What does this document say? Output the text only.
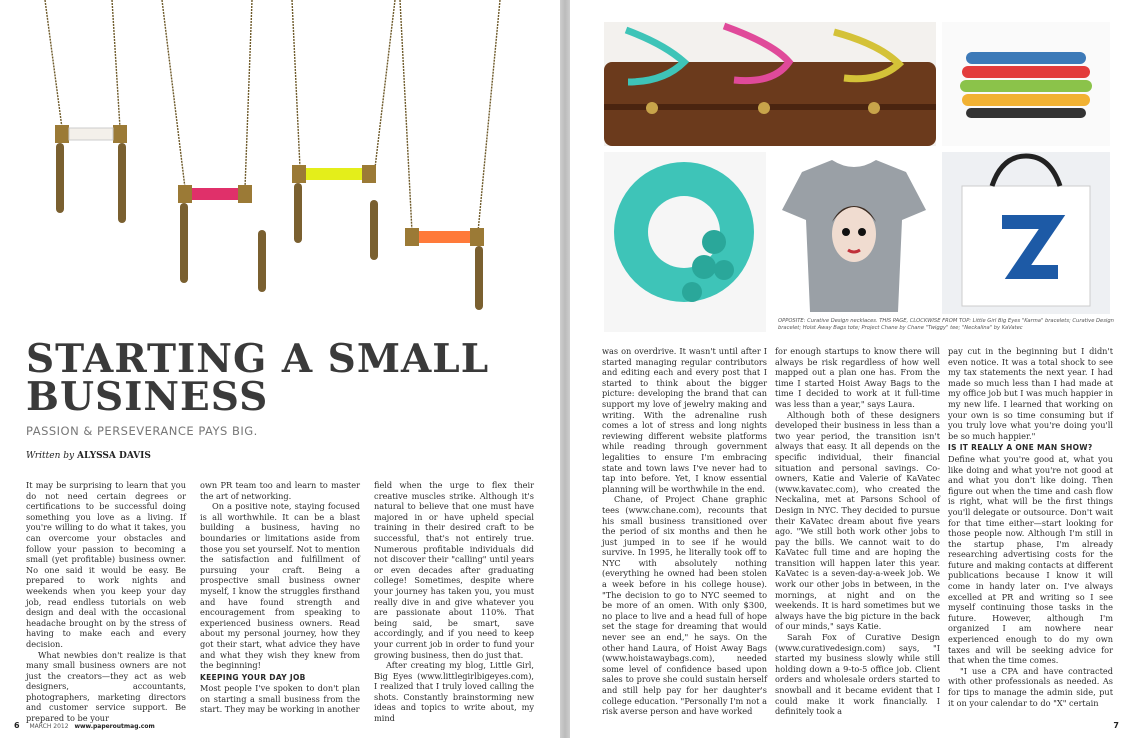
STARTING A SMALL BUSINESS
PASSION & PERSEVERANCE PAYS BIG.
Written by ALYSSA DAVIS

It may be surprising to learn that you do not need certain degrees or certifications to be successful doing something you love as a living. If you're willing to do what it takes, you can overcome your obstacles and follow your passion to becoming a small (yet profitable) business owner. No one said it would be easy. Be prepared to work nights and weekends when you keep your day job, read endless tutorials on web design and deal with the occasional headache brought on by the stress of having to make each and every decision.

What newbies don't realize is that many small business owners are not just the creators—they act as web designers, accountants, photographers, marketing directors and customer service support. Be prepared to be your

own PR team too and learn to master the art of networking.

On a positive note, staying focused is all worthwhile. It can be a blast building a business, having no boundaries or limitations aside from those you set yourself. Not to mention the satisfaction and fulfillment of pursuing your craft. Being a prospective small business owner myself, I know the struggles firsthand and have found strength and encouragement from speaking to experienced business owners. Read about my personal journey, how they got their start, what advice they have and what they wish they knew from the beginning!

KEEPING YOUR DAY JOB

Most people I've spoken to don't plan on starting a small business from the start. They may be working in another

field when the urge to flex their creative muscles strike. Although it's natural to believe that one must have majored in or have upheld special training in their desired craft to be successful, that's not entirely true. Numerous profitable individuals did not discover their "calling" until years or even decades after graduating college! Sometimes, despite where your journey has taken you, you must really dive in and give whatever you are passionate about 110%. That being said, be smart, save accordingly, and if you need to keep your current job in order to fund your growing business, then do just that.

After creating my blog, Little Girl, Big Eyes (www.littlegirlbigeyes.com), I realized that I truly loved calling the shots. Constantly brainstorming new ideas and topics to write about, my mind

6 MARCH 2012 www.paperoutmag.com
OPPOSITE: Curative Design necklaces. THIS PAGE, CLOCKWISE FROM TOP: Little Girl Big Eyes "Karma" bracelets; Curative Design bracelet; Hoist Away Bags tote; Project Chane by Chane "Twiggy" tee; "Neckalina" by KaVatec

was on overdrive. It wasn't until after I started managing regular contributors and editing each and every post that I started to think about the bigger picture: developing the brand that can support my love of jewelry making and writing. With the adrenaline rush comes a lot of stress and long nights reviewing different website platforms while reading through government legalities to ensure I'm embracing state and town laws I've never had to tap into before. Yet, I know essential planning will be worthwhile in the end.

Chane, of Project Chane graphic tees (www.chane.com), recounts that his small business transitioned over the period of six months and then he just jumped in to see if he would survive. In 1995, he literally took off to NYC with absolutely nothing (everything he owned had been stolen a week before in his college house). "The decision to go to NYC seemed to be more of an omen. With only $300, no place to live and a head full of hope set the stage for dreaming that would never see an end," he says. On the other hand Laura, of Hoist Away Bags (www.hoistawaybags.com), needed some level of confidence based upon sales to prove she could sustain herself and still help pay for her daughter's college education. "Personally I'm not a risk averse person and have worked

for enough startups to know there will always be risk regardless of how well mapped out a plan one has. From the time I started Hoist Away Bags to the time I decided to work at it full-time was less than a year," says Laura.

Although both of these designers developed their business in less than a two year period, the transition isn't always that easy. It all depends on the specific individual, their financial situation and personal savings. Co-owners, Katie and Valerie of KaVatec (www.kavatec.com), who created the Neckalina, met at Parsons School of Design in NYC. They decided to pursue their KaVatec dream about five years ago. "We still both work other jobs to pay the bills. We cannot wait to do KaVatec full time and are hoping the transition will happen later this year. KaVatec is a seven-day-a-week job. We work our other jobs in between, in the mornings, at night and on the weekends. It is hard sometimes but we always have the big picture in the back of our minds," says Katie.

Sarah Fox of Curative Design (www.curativedesign.com) says, "I started my business slowly while still holding down a 9-to-5 office job. Client orders and wholesale orders started to snowball and it became evident that I could make it work financially. I definitely took a

pay cut in the beginning but I didn't even notice. It was a total shock to see my tax statements the next year. I had made so much less than I had made at my office job but I was much happier in my new life. I learned that working on your own is so time consuming but if you truly love what you're doing you'll be so much happier."

IS IT REALLY A ONE MAN SHOW?

Define what you're good at, what you like doing and what you're not good at and what you don't like doing. Then figure out when the time and cash flow is right, what will be the first things you'll delegate or outsource. Don't wait for that time either—start looking for those people now. Although I'm still in the startup phase, I'm already researching advertising costs for the future and making contacts at different publications because I know it will come in handy later on. I've always excelled at PR and writing so I see myself continuing those tasks in the future. However, although I'm organized I am nowhere near experienced enough to do my own taxes and will be seeking advice for that when the time comes.

"I use a CPA and have contracted with other professionals as needed. As for tips to manage the admin side, put it on your calendar to do "X" certain

7
